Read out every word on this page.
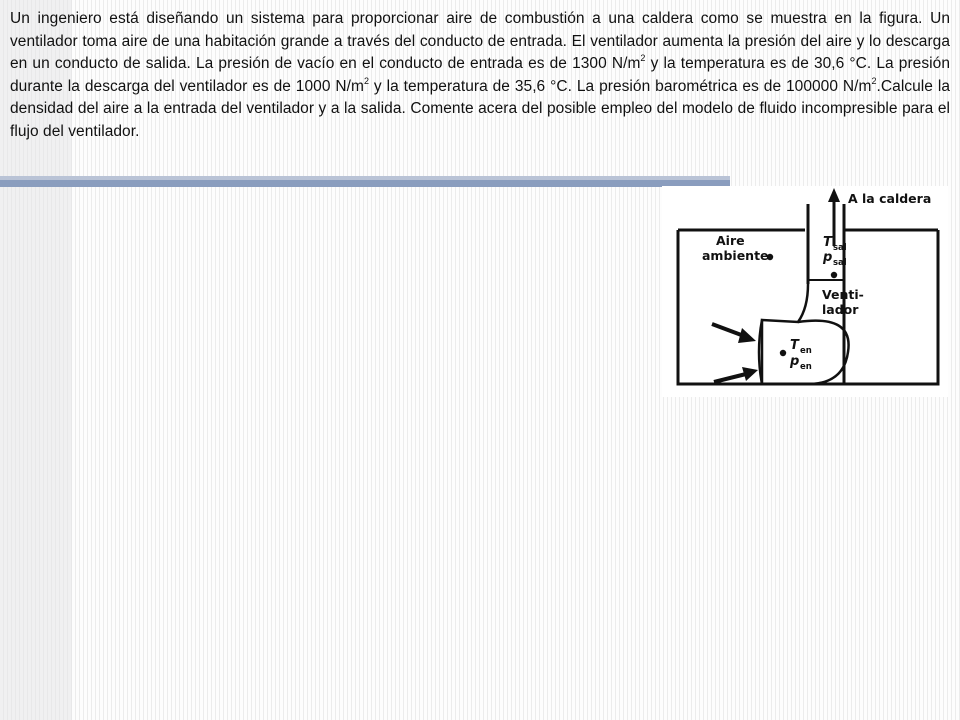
Un ingeniero está diseñando un sistema para proporcionar aire de combustión a una caldera como se muestra en la figura. Un ventilador toma aire de una habitación grande a través del conducto de entrada. El ventilador aumenta la presión del aire y lo descarga en un conducto de salida. La presión de vacío en el conducto de entrada es de 1300 $N/m^2$ y la temperatura es de 30,6 °C. La presión durante la descarga del ventilador es de 1000 $N/m^2$ y la temperatura de 35,6 °C. La presión barométrica es de 100000 $N/m^2.Calcule$ la densidad del aire a la entrada del ventilador y a la salida. Comente acera del posible empleo del modelo de fluido incompresible para el flujo del ventilador.

A la caldera
Aire
ambiente
Venti-
lador
T sal
p sal
T en
p en
